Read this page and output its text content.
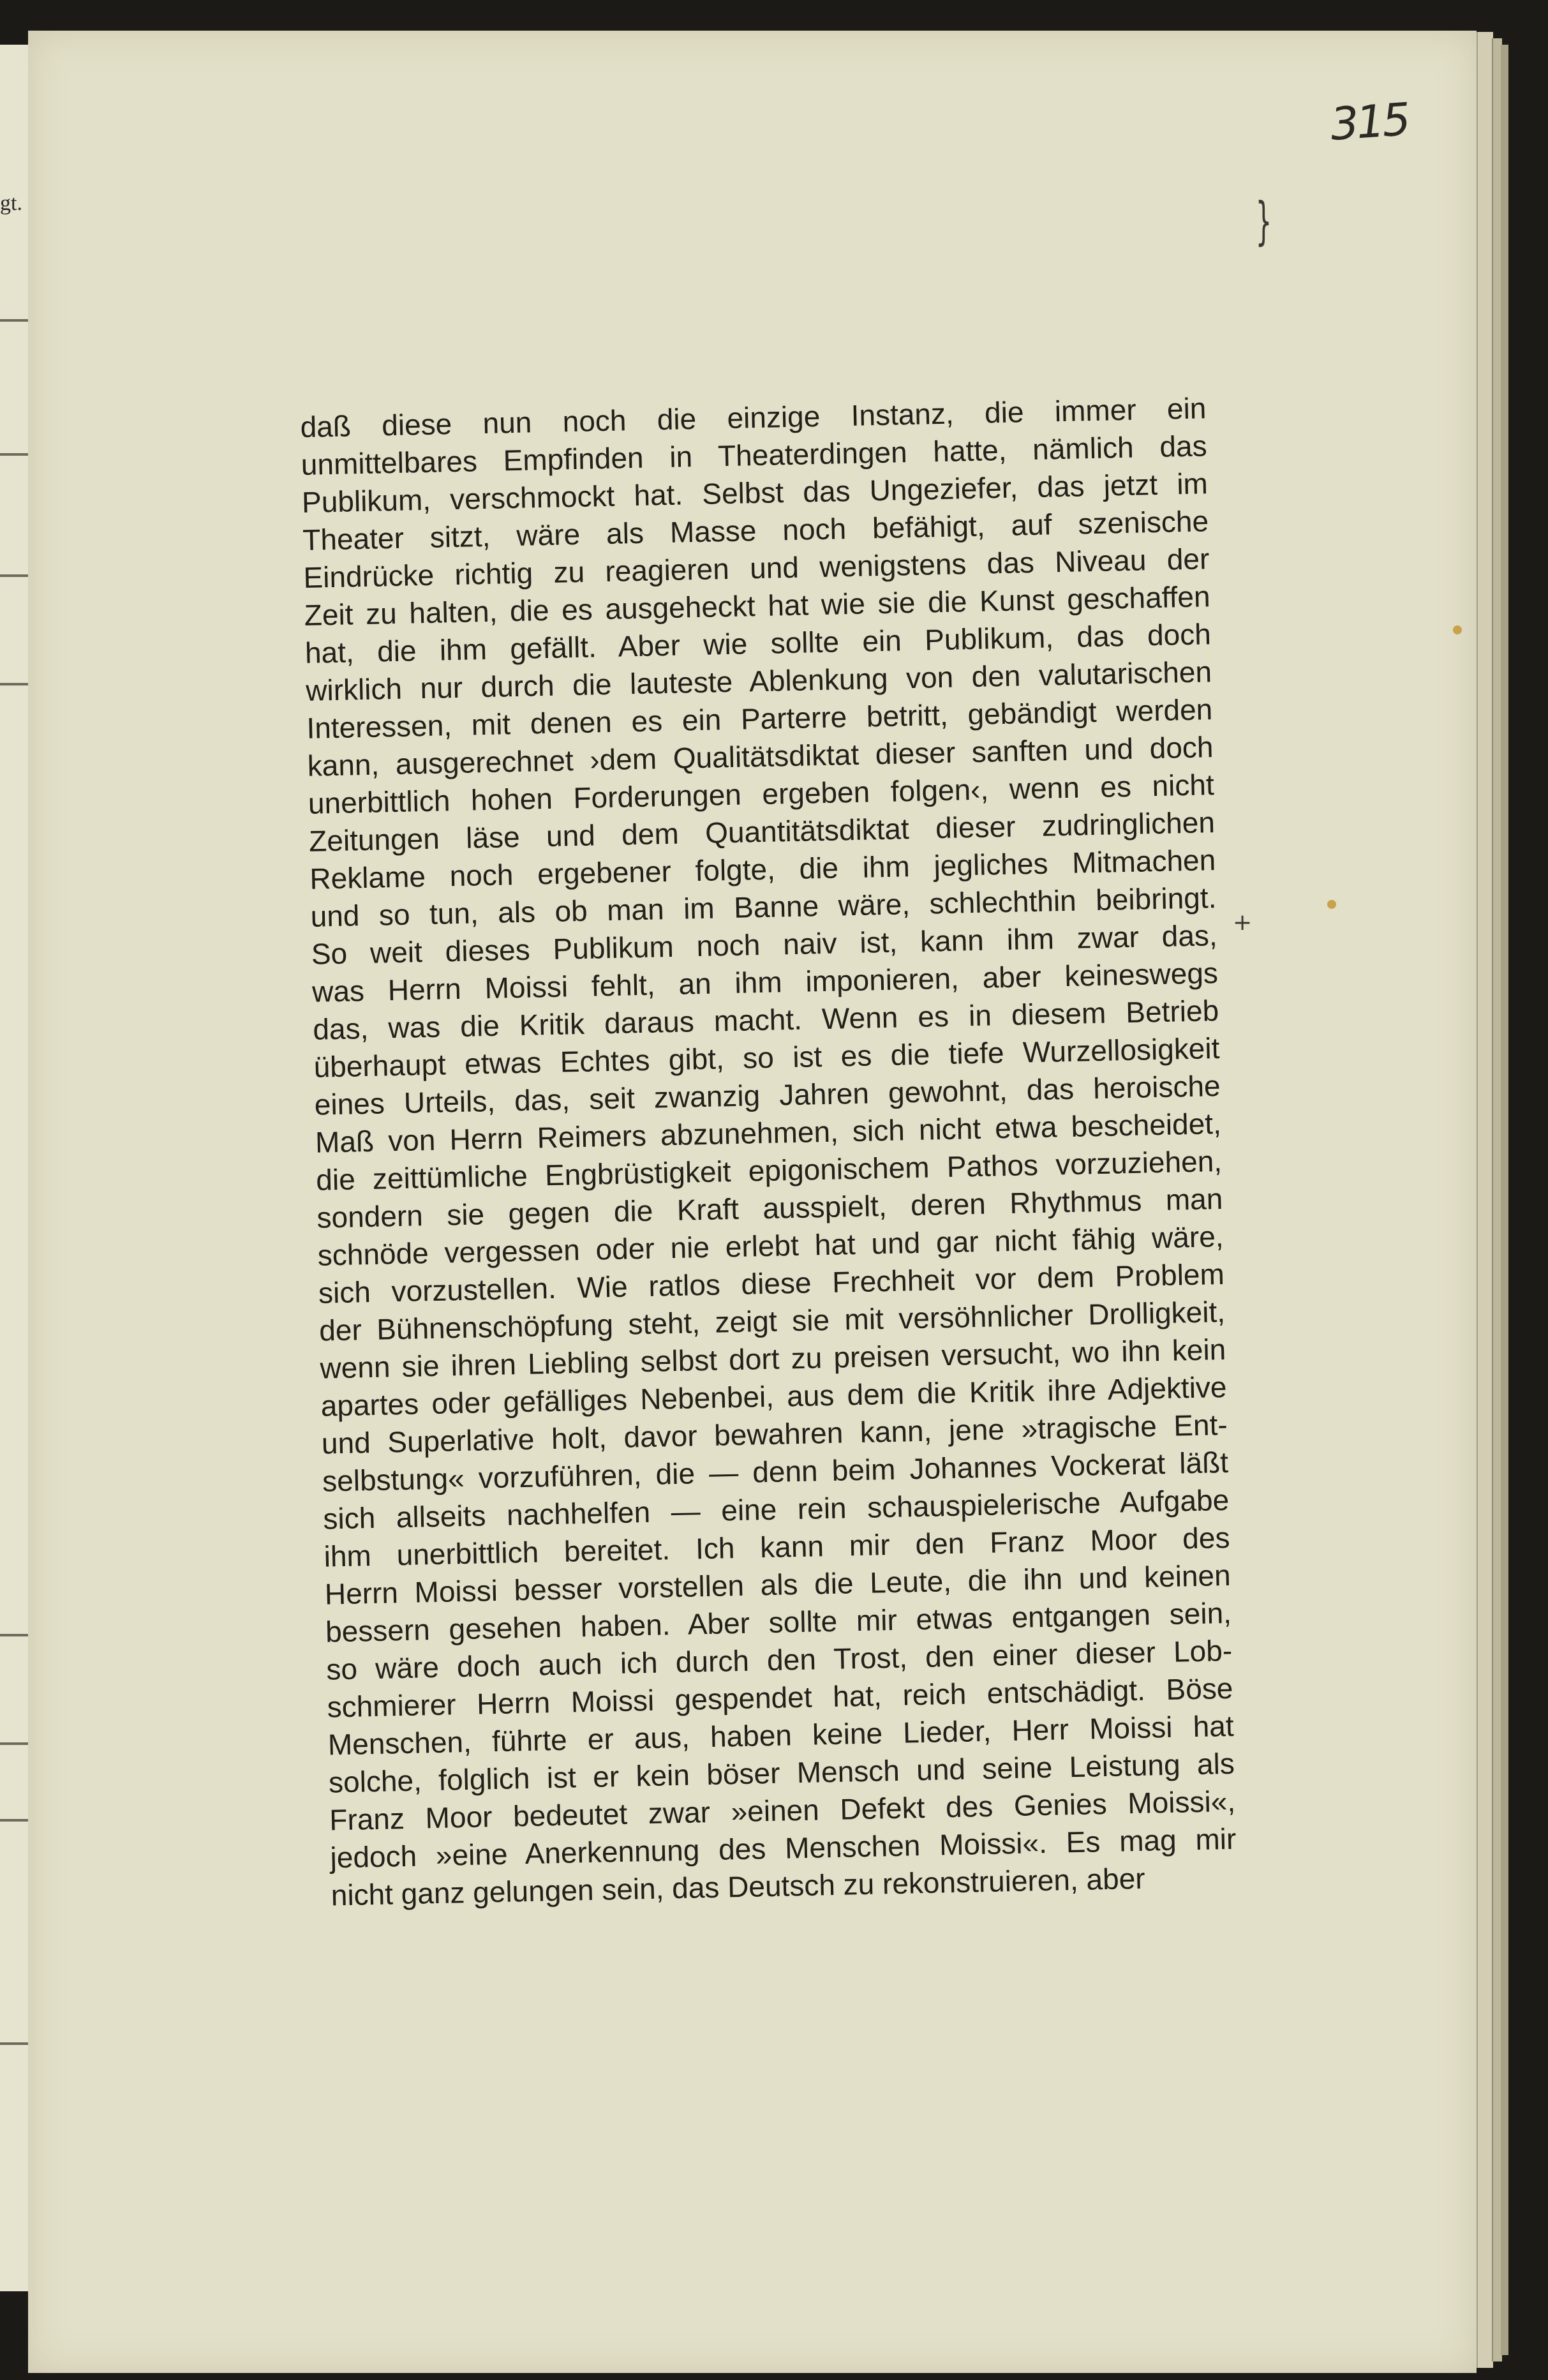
gt.
315
}
+
daß diese nun noch die einzige Instanz, die immer ein
unmittelbares Empfinden in Theaterdingen hatte, nämlich das
Publikum, verschmockt hat. Selbst das Ungeziefer, das jetzt im
Theater sitzt, wäre als Masse noch befähigt, auf szenische
Eindrücke richtig zu reagieren und wenigstens das Niveau der
Zeit zu halten, die es ausgeheckt hat wie sie die Kunst geschaffen
hat, die ihm gefällt. Aber wie sollte ein Publikum, das doch
wirklich nur durch die lauteste Ablenkung von den valutarischen
Interessen, mit denen es ein Parterre betritt, gebändigt werden
kann, ausgerechnet ›dem Qualitätsdiktat dieser sanften und doch
unerbittlich hohen Forderungen ergeben folgen‹, wenn es nicht
Zeitungen läse und dem Quantitätsdiktat dieser zudringlichen
Reklame noch ergebener folgte, die ihm jegliches Mitmachen
und so tun, als ob man im Banne wäre, schlechthin beibringt.
So weit dieses Publikum noch naiv ist, kann ihm zwar das,
was Herrn Moissi fehlt, an ihm imponieren, aber keineswegs
das, was die Kritik daraus macht. Wenn es in diesem Betrieb
überhaupt etwas Echtes gibt, so ist es die tiefe Wurzellosigkeit
eines Urteils, das, seit zwanzig Jahren gewohnt, das heroische
Maß von Herrn Reimers abzunehmen, sich nicht etwa bescheidet,
die zeittümliche Engbrüstigkeit epigonischem Pathos vorzuziehen,
sondern sie gegen die Kraft ausspielt, deren Rhythmus man
schnöde vergessen oder nie erlebt hat und gar nicht fähig wäre,
sich vorzustellen. Wie ratlos diese Frechheit vor dem Problem
der Bühnenschöpfung steht, zeigt sie mit versöhnlicher Drolligkeit,
wenn sie ihren Liebling selbst dort zu preisen versucht, wo ihn kein
apartes oder gefälliges Nebenbei, aus dem die Kritik ihre Adjektive
und Superlative holt, davor bewahren kann, jene »tragische Ent-
selbstung« vorzuführen, die — denn beim Johannes Vockerat läßt
sich allseits nachhelfen — eine rein schauspielerische Aufgabe
ihm unerbittlich bereitet. Ich kann mir den Franz Moor des
Herrn Moissi besser vorstellen als die Leute, die ihn und keinen
bessern gesehen haben. Aber sollte mir etwas entgangen sein,
so wäre doch auch ich durch den Trost, den einer dieser Lob-
schmierer Herrn Moissi gespendet hat, reich entschädigt. Böse
Menschen, führte er aus, haben keine Lieder, Herr Moissi hat
solche, folglich ist er kein böser Mensch und seine Leistung als
Franz Moor bedeutet zwar »einen Defekt des Genies Moissi«,
jedoch »eine Anerkennung des Menschen Moissi«. Es mag mir
nicht ganz gelungen sein, das Deutsch zu rekonstruieren, aber
